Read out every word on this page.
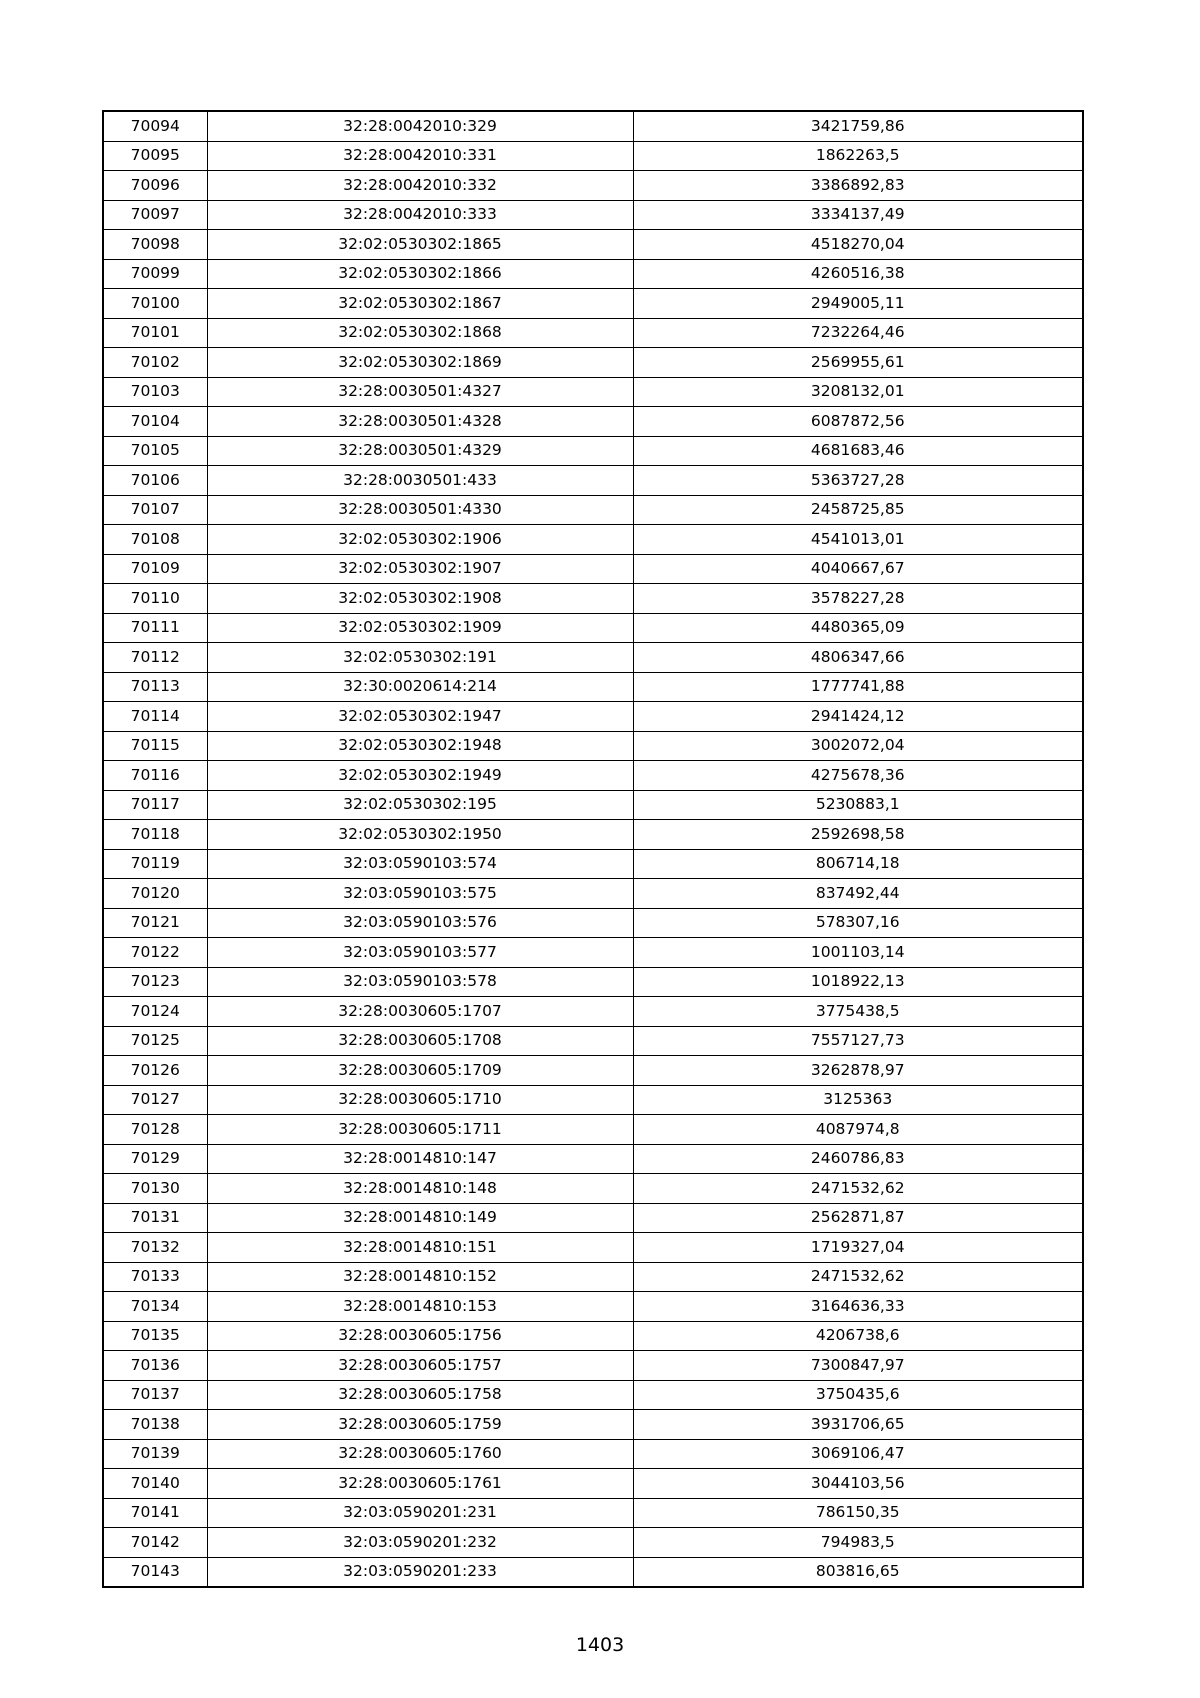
70094	32:28:0042010:329	3421759,86
70095	32:28:0042010:331	1862263,5
70096	32:28:0042010:332	3386892,83
70097	32:28:0042010:333	3334137,49
70098	32:02:0530302:1865	4518270,04
70099	32:02:0530302:1866	4260516,38
70100	32:02:0530302:1867	2949005,11
70101	32:02:0530302:1868	7232264,46
70102	32:02:0530302:1869	2569955,61
70103	32:28:0030501:4327	3208132,01
70104	32:28:0030501:4328	6087872,56
70105	32:28:0030501:4329	4681683,46
70106	32:28:0030501:433	5363727,28
70107	32:28:0030501:4330	2458725,85
70108	32:02:0530302:1906	4541013,01
70109	32:02:0530302:1907	4040667,67
70110	32:02:0530302:1908	3578227,28
70111	32:02:0530302:1909	4480365,09
70112	32:02:0530302:191	4806347,66
70113	32:30:0020614:214	1777741,88
70114	32:02:0530302:1947	2941424,12
70115	32:02:0530302:1948	3002072,04
70116	32:02:0530302:1949	4275678,36
70117	32:02:0530302:195	5230883,1
70118	32:02:0530302:1950	2592698,58
70119	32:03:0590103:574	806714,18
70120	32:03:0590103:575	837492,44
70121	32:03:0590103:576	578307,16
70122	32:03:0590103:577	1001103,14
70123	32:03:0590103:578	1018922,13
70124	32:28:0030605:1707	3775438,5
70125	32:28:0030605:1708	7557127,73
70126	32:28:0030605:1709	3262878,97
70127	32:28:0030605:1710	3125363
70128	32:28:0030605:1711	4087974,8
70129	32:28:0014810:147	2460786,83
70130	32:28:0014810:148	2471532,62
70131	32:28:0014810:149	2562871,87
70132	32:28:0014810:151	1719327,04
70133	32:28:0014810:152	2471532,62
70134	32:28:0014810:153	3164636,33
70135	32:28:0030605:1756	4206738,6
70136	32:28:0030605:1757	7300847,97
70137	32:28:0030605:1758	3750435,6
70138	32:28:0030605:1759	3931706,65
70139	32:28:0030605:1760	3069106,47
70140	32:28:0030605:1761	3044103,56
70141	32:03:0590201:231	786150,35
70142	32:03:0590201:232	794983,5
70143	32:03:0590201:233	803816,65
1403
